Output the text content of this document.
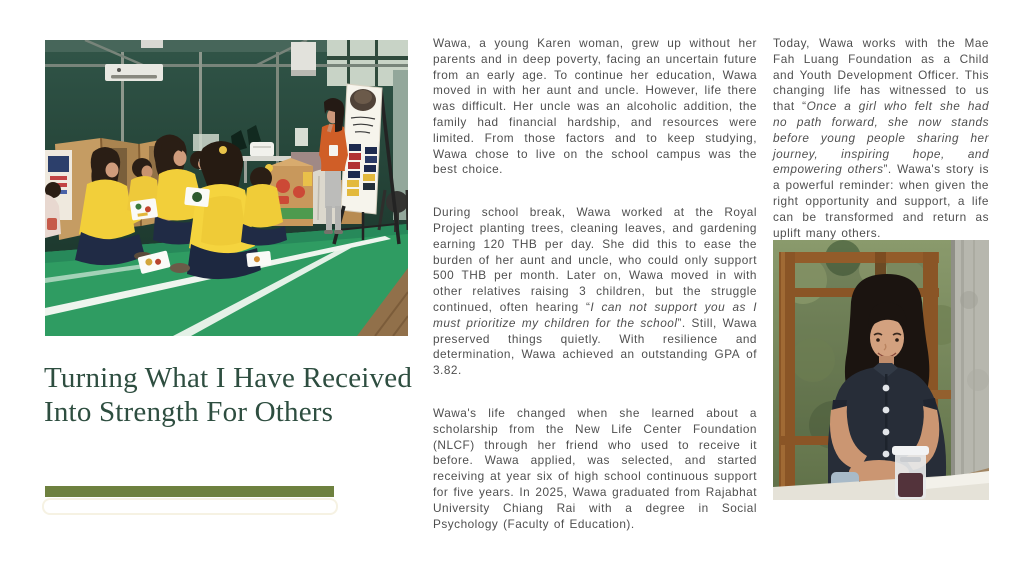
Turning What I Have Received
Into Strength For Others

Wawa, a young Karen woman, grew up without her parents and in deep poverty, facing an uncertain future from an early age. To continue her education, Wawa moved in with her aunt and uncle. However, life there was difficult. Her uncle was an alcoholic addition, the family had financial hardship, and resources were limited. From those factors and to keep studying, Wawa chose to live on the school campus was the best choice.

During school break, Wawa worked at the Royal Project planting trees, cleaning leaves, and gardening earning 120 THB per day. She did this to ease the burden of her aunt and uncle, who could only support 500 THB per month. Later on, Wawa moved in with other relatives raising 3 children, but the struggle continued, often hearing “I can not support you as I must prioritize my children for the school”. Still, Wawa preserved things quietly. With resilience and determination, Wawa achieved an outstanding GPA of 3.82.

Wawa's life changed when she learned about a scholarship from the New Life Center Foundation (NLCF) through her friend who used to receive it before. Wawa applied, was selected, and started receiving at year six of high school continuous support for five years. In 2025, Wawa graduated from Rajabhat University Chiang Rai with a degree in Social Psychology (Faculty of Education).

Today, Wawa works with the Mae Fah Luang Foundation as a Child and Youth Development Officer. This changing life has witnessed to us that “Once a girl who felt she had no path forward, she now stands before young people sharing her journey, inspiring hope, and empowering others”. Wawa's story is a powerful reminder: when given the right opportunity and support, a life can be transformed and return as uplift many others.
